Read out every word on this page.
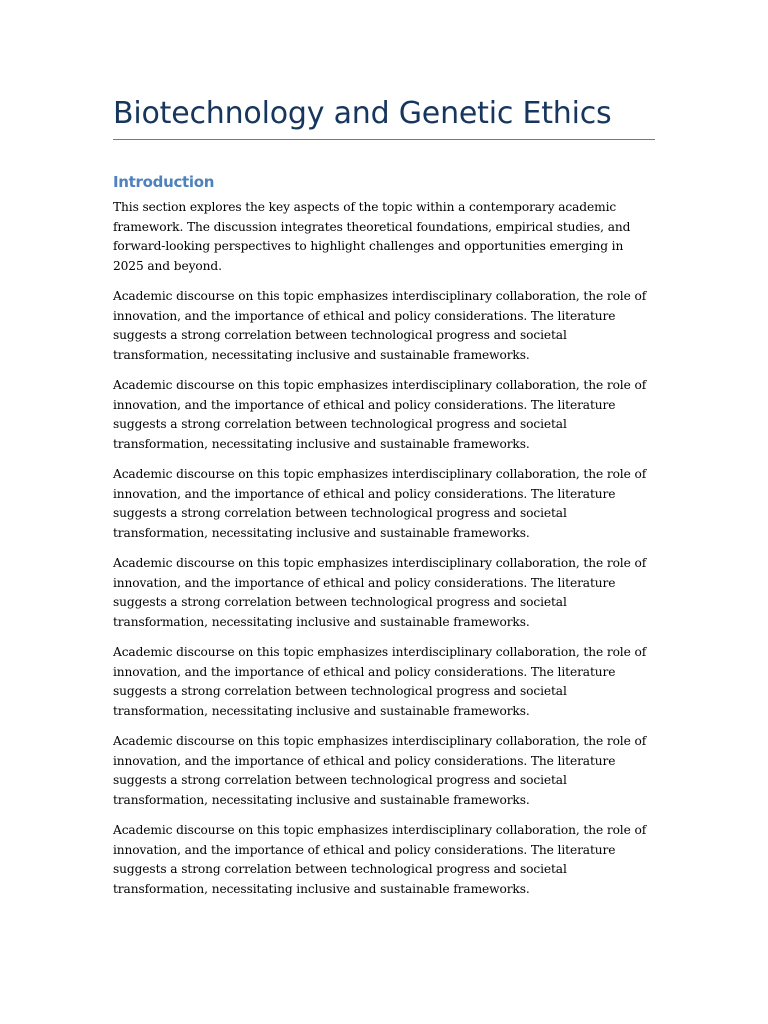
Biotechnology and Genetic Ethics
Introduction

This section explores the key aspects of the topic within a contemporary academic framework. The discussion integrates theoretical foundations, empirical studies, and forward-looking perspectives to highlight challenges and opportunities emerging in 2025 and beyond.

Academic discourse on this topic emphasizes interdisciplinary collaboration, the role of innovation, and the importance of ethical and policy considerations. The literature suggests a strong correlation between technological progress and societal transformation, necessitating inclusive and sustainable frameworks.

Academic discourse on this topic emphasizes interdisciplinary collaboration, the role of innovation, and the importance of ethical and policy considerations. The literature suggests a strong correlation between technological progress and societal transformation, necessitating inclusive and sustainable frameworks.

Academic discourse on this topic emphasizes interdisciplinary collaboration, the role of innovation, and the importance of ethical and policy considerations. The literature suggests a strong correlation between technological progress and societal transformation, necessitating inclusive and sustainable frameworks.

Academic discourse on this topic emphasizes interdisciplinary collaboration, the role of innovation, and the importance of ethical and policy considerations. The literature suggests a strong correlation between technological progress and societal transformation, necessitating inclusive and sustainable frameworks.

Academic discourse on this topic emphasizes interdisciplinary collaboration, the role of innovation, and the importance of ethical and policy considerations. The literature suggests a strong correlation between technological progress and societal transformation, necessitating inclusive and sustainable frameworks.

Academic discourse on this topic emphasizes interdisciplinary collaboration, the role of innovation, and the importance of ethical and policy considerations. The literature suggests a strong correlation between technological progress and societal transformation, necessitating inclusive and sustainable frameworks.

Academic discourse on this topic emphasizes interdisciplinary collaboration, the role of innovation, and the importance of ethical and policy considerations. The literature suggests a strong correlation between technological progress and societal transformation, necessitating inclusive and sustainable frameworks.
